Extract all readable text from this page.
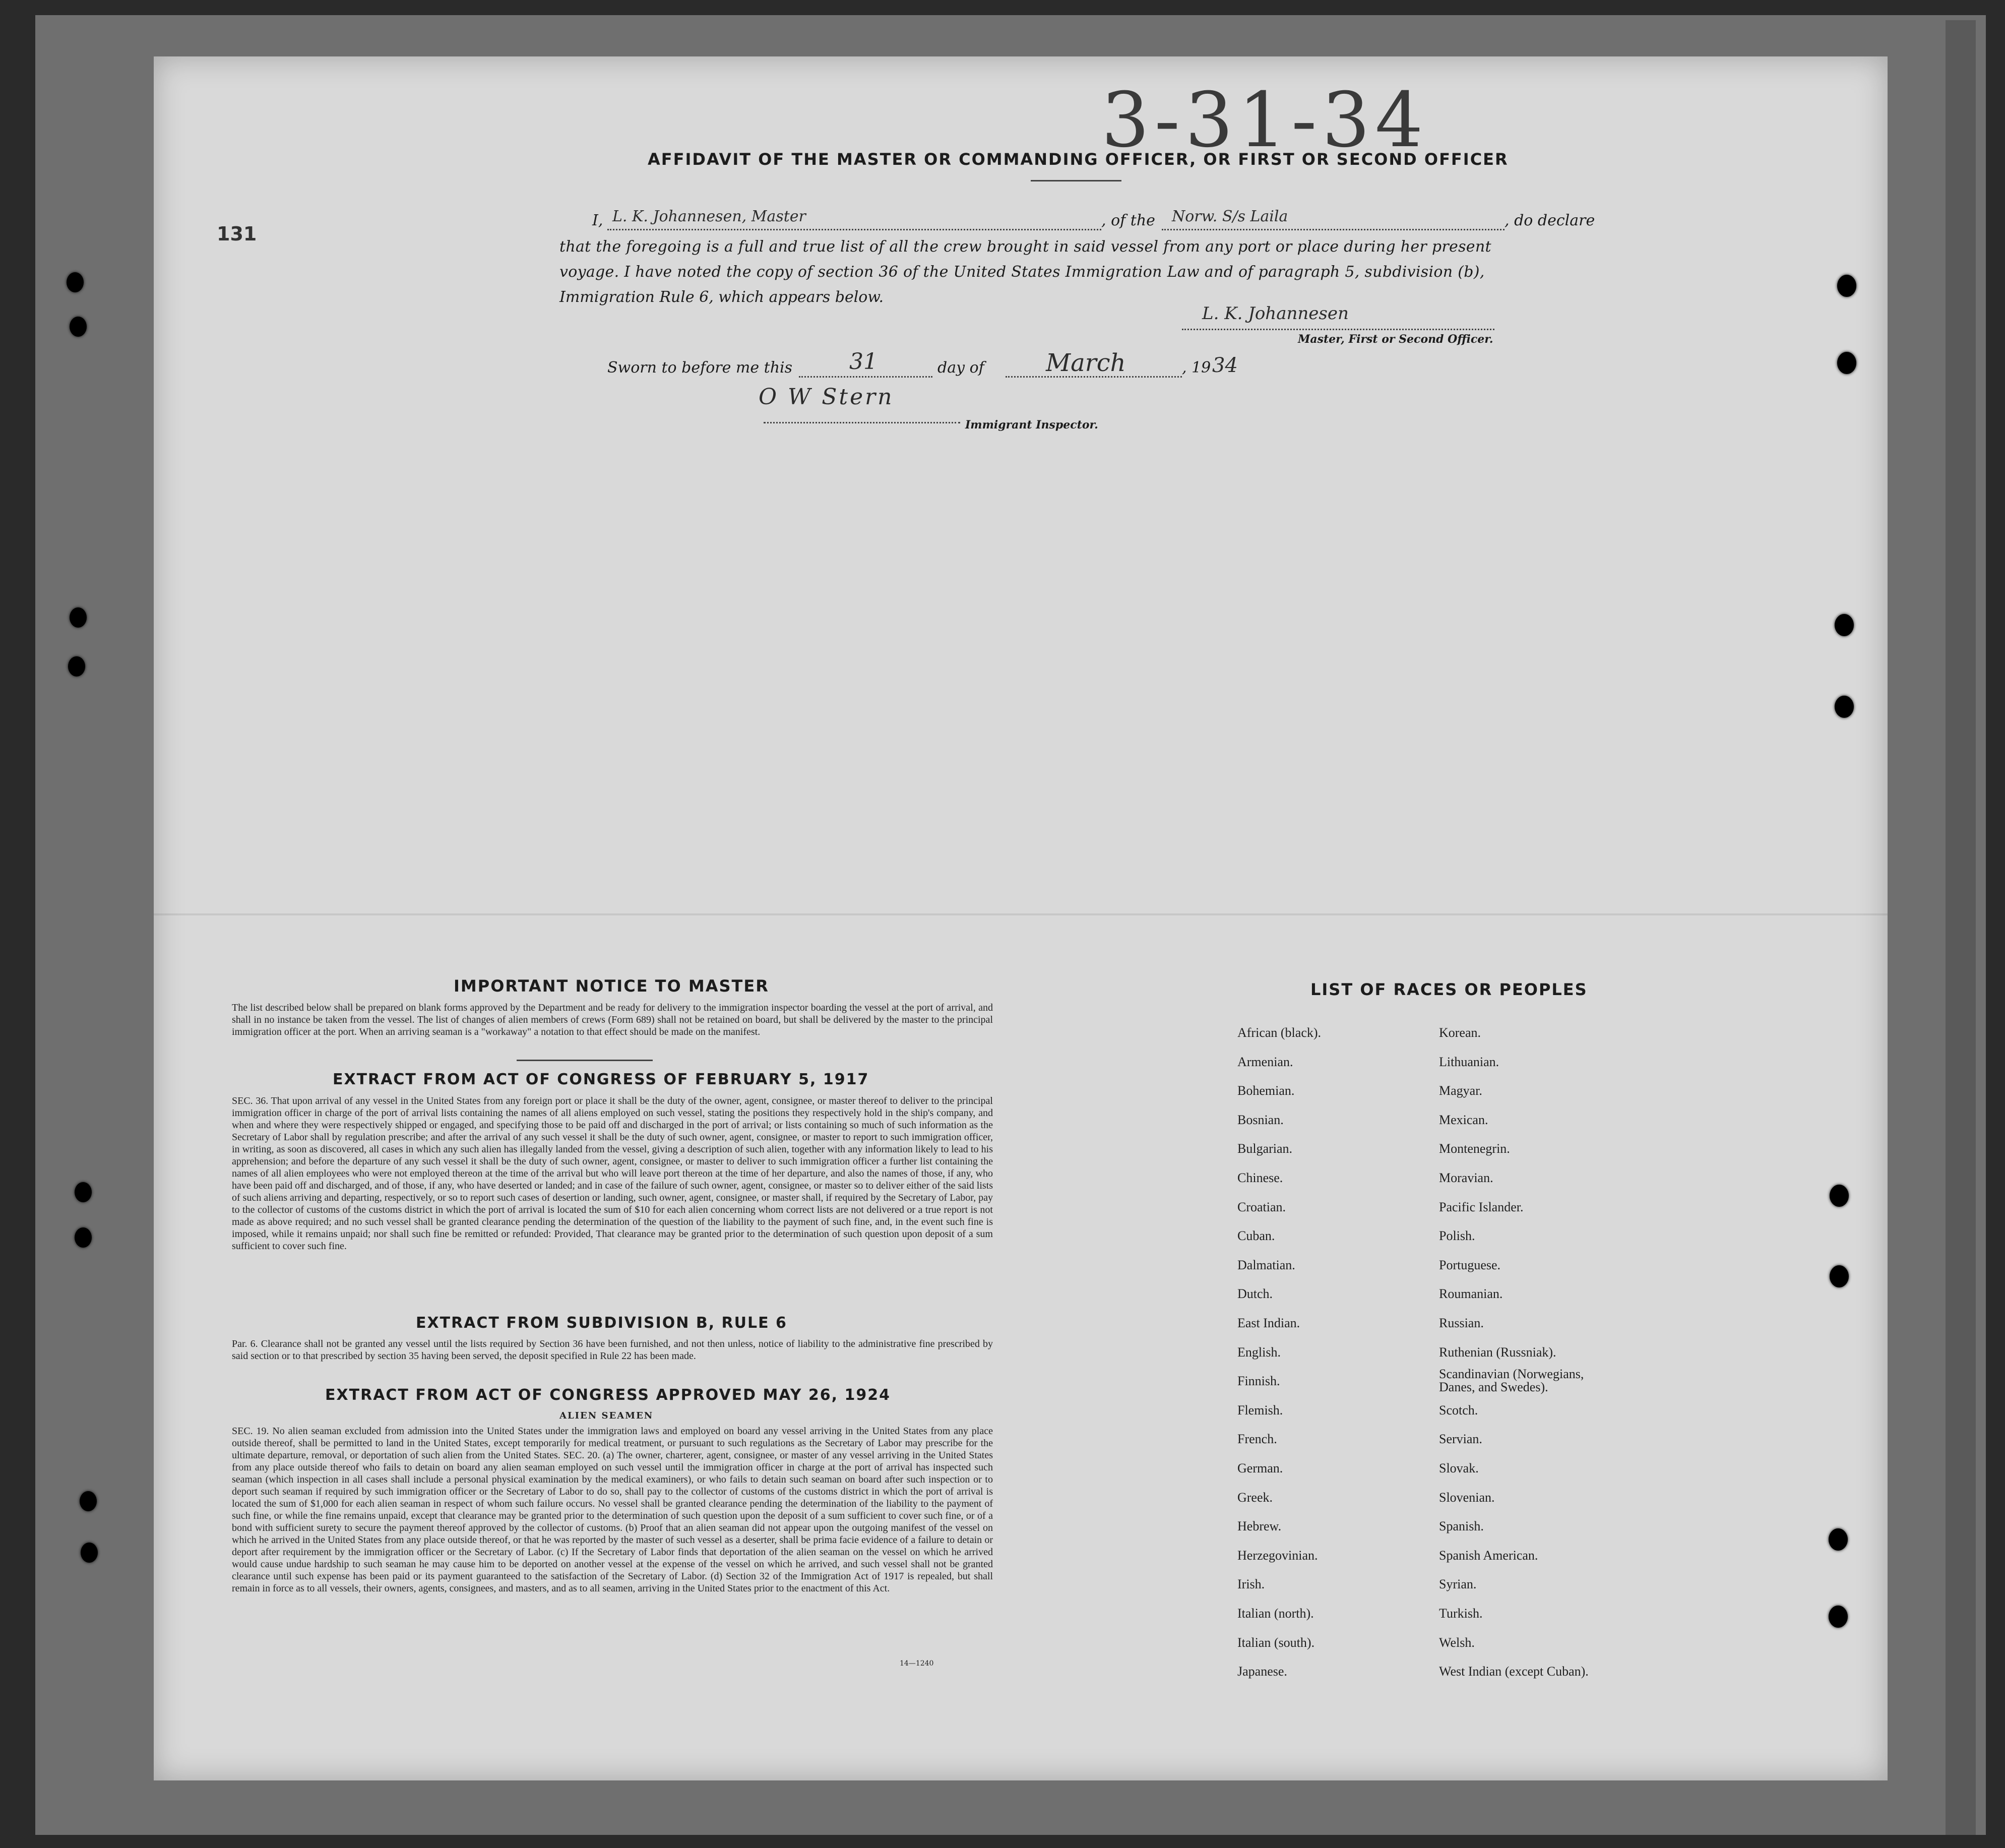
3-31-34
131
AFFIDAVIT OF THE MASTER OR COMMANDING OFFICER, OR FIRST OR SECOND OFFICER
I, L. K. Johannesen, Master	, of the Norw. S/s Laila	, do declare
that the foregoing is a full and true list of all the crew brought in said vessel from any port or place during her present
voyage. I have noted the copy of section 36 of the United States Immigration Law and of paragraph 5, subdivision (b),
Immigration Rule 6, which appears below.
L. K. Johannesen
Master, First or Second Officer.
Sworn to before me this	31	day of	March	, 19 34
O W Stern
Immigrant Inspector.
IMPORTANT NOTICE TO MASTER
The list described below shall be prepared on blank forms approved by the Department and be ready for delivery to the immigration inspector boarding the vessel at the port of arrival, and shall in no instance be taken from the vessel. The list of changes of alien members of crews (Form 689) shall not be retained on board, but shall be delivered by the master to the principal immigration officer at the port. When an arriving seaman is a "workaway" a notation to that effect should be made on the manifest.
EXTRACT FROM ACT OF CONGRESS OF FEBRUARY 5, 1917
SEC. 36. That upon arrival of any vessel in the United States from any foreign port or place it shall be the duty of the owner, agent, consignee, or master thereof to deliver to the principal immigration officer in charge of the port of arrival lists containing the names of all aliens employed on such vessel, stating the positions they respectively hold in the ship's company, and when and where they were respectively shipped or engaged, and specifying those to be paid off and discharged in the port of arrival; or lists containing so much of such information as the Secretary of Labor shall by regulation prescribe; and after the arrival of any such vessel it shall be the duty of such owner, agent, consignee, or master to report to such immigration officer, in writing, as soon as discovered, all cases in which any such alien has illegally landed from the vessel, giving a description of such alien, together with any information likely to lead to his apprehension; and before the departure of any such vessel it shall be the duty of such owner, agent, consignee, or master to deliver to such immigration officer a further list containing the names of all alien employees who were not employed thereon at the time of the arrival but who will leave port thereon at the time of her departure, and also the names of those, if any, who have been paid off and discharged, and of those, if any, who have deserted or landed; and in case of the failure of such owner, agent, consignee, or master so to deliver either of the said lists of such aliens arriving and departing, respectively, or so to report such cases of desertion or landing, such owner, agent, consignee, or master shall, if required by the Secretary of Labor, pay to the collector of customs of the customs district in which the port of arrival is located the sum of $10 for each alien concerning whom correct lists are not delivered or a true report is not made as above required; and no such vessel shall be granted clearance pending the determination of the question of the liability to the payment of such fine, and, in the event such fine is imposed, while it remains unpaid; nor shall such fine be remitted or refunded: Provided, That clearance may be granted prior to the determination of such question upon deposit of a sum sufficient to cover such fine.
EXTRACT FROM SUBDIVISION B, RULE 6
Par. 6. Clearance shall not be granted any vessel until the lists required by Section 36 have been furnished, and not then unless, notice of liability to the administrative fine prescribed by said section or to that prescribed by section 35 having been served, the deposit specified in Rule 22 has been made.
EXTRACT FROM ACT OF CONGRESS APPROVED MAY 26, 1924
ALIEN SEAMEN
SEC. 19. No alien seaman excluded from admission into the United States under the immigration laws and employed on board any vessel arriving in the United States from any place outside thereof, shall be permitted to land in the United States, except temporarily for medical treatment, or pursuant to such regulations as the Secretary of Labor may prescribe for the ultimate departure, removal, or deportation of such alien from the United States. SEC. 20. (a) The owner, charterer, agent, consignee, or master of any vessel arriving in the United States from any place outside thereof who fails to detain on board any alien seaman employed on such vessel until the immigration officer in charge at the port of arrival has inspected such seaman (which inspection in all cases shall include a personal physical examination by the medical examiners), or who fails to detain such seaman on board after such inspection or to deport such seaman if required by such immigration officer or the Secretary of Labor to do so, shall pay to the collector of customs of the customs district in which the port of arrival is located the sum of $1,000 for each alien seaman in respect of whom such failure occurs. No vessel shall be granted clearance pending the determination of the liability to the payment of such fine, or while the fine remains unpaid, except that clearance may be granted prior to the determination of such question upon the deposit of a sum sufficient to cover such fine, or of a bond with sufficient surety to secure the payment thereof approved by the collector of customs. (b) Proof that an alien seaman did not appear upon the outgoing manifest of the vessel on which he arrived in the United States from any place outside thereof, or that he was reported by the master of such vessel as a deserter, shall be prima facie evidence of a failure to detain or deport after requirement by the immigration officer or the Secretary of Labor. (c) If the Secretary of Labor finds that deportation of the alien seaman on the vessel on which he arrived would cause undue hardship to such seaman he may cause him to be deported on another vessel at the expense of the vessel on which he arrived, and such vessel shall not be granted clearance until such expense has been paid or its payment guaranteed to the satisfaction of the Secretary of Labor. (d) Section 32 of the Immigration Act of 1917 is repealed, but shall remain in force as to all vessels, their owners, agents, consignees, and masters, and as to all seamen, arriving in the United States prior to the enactment of this Act.
14—1240
LIST OF RACES OR PEOPLES
African (black).
Armenian.
Bohemian.
Bosnian.
Bulgarian.
Chinese.
Croatian.
Cuban.
Dalmatian.
Dutch.
East Indian.
English.
Finnish.
Flemish.
French.
German.
Greek.
Hebrew.
Herzegovinian.
Irish.
Italian (north).
Italian (south).
Japanese.
Korean.
Lithuanian.
Magyar.
Mexican.
Montenegrin.
Moravian.
Pacific Islander.
Polish.
Portuguese.
Roumanian.
Russian.
Ruthenian (Russniak).
Scandinavian (Norwegians, Danes, and Swedes).
Scotch.
Servian.
Slovak.
Slovenian.
Spanish.
Spanish American.
Syrian.
Turkish.
Welsh.
West Indian (except Cuban).
